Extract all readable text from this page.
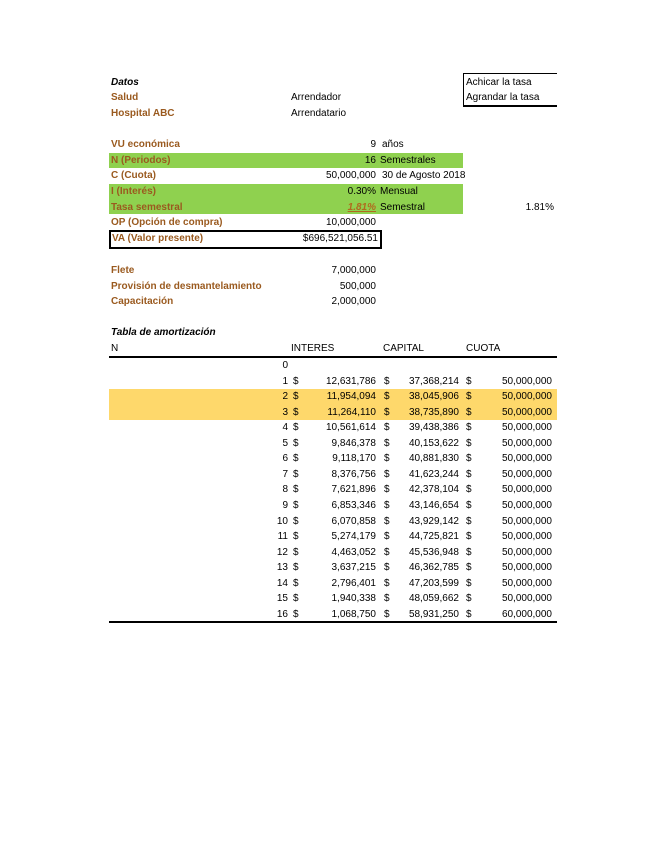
Datos
Salud	Arrendador
Hospital ABC	Arrendatario
Achicar la tasa
Agrandar la tasa
VU económica	9 años
N (Periodos)	16 Semestrales
C (Cuota)	50,000,000 30 de Agosto 2018
I (Interés)	0.30% Mensual
Tasa semestral	1.81% Semestral	1.81%
OP (Opción de compra)	10,000,000
VA (Valor presente)	$696,521,056.51
Flete	7,000,000
Provisión de desmantelamiento	500,000
Capacitación	2,000,000
Tabla de amortización
N	INTERES	CAPITAL	CUOTA
0
1 $	12,631,786 $	37,368,214 $	50,000,000
2 $	11,954,094 $	38,045,906 $	50,000,000
3 $	11,264,110 $	38,735,890 $	50,000,000
4 $	10,561,614 $	39,438,386 $	50,000,000
5 $	9,846,378 $	40,153,622 $	50,000,000
6 $	9,118,170 $	40,881,830 $	50,000,000
7 $	8,376,756 $	41,623,244 $	50,000,000
8 $	7,621,896 $	42,378,104 $	50,000,000
9 $	6,853,346 $	43,146,654 $	50,000,000
10 $	6,070,858 $	43,929,142 $	50,000,000
11 $	5,274,179 $	44,725,821 $	50,000,000
12 $	4,463,052 $	45,536,948 $	50,000,000
13 $	3,637,215 $	46,362,785 $	50,000,000
14 $	2,796,401 $	47,203,599 $	50,000,000
15 $	1,940,338 $	48,059,662 $	50,000,000
16 $	1,068,750 $	58,931,250 $	60,000,000
